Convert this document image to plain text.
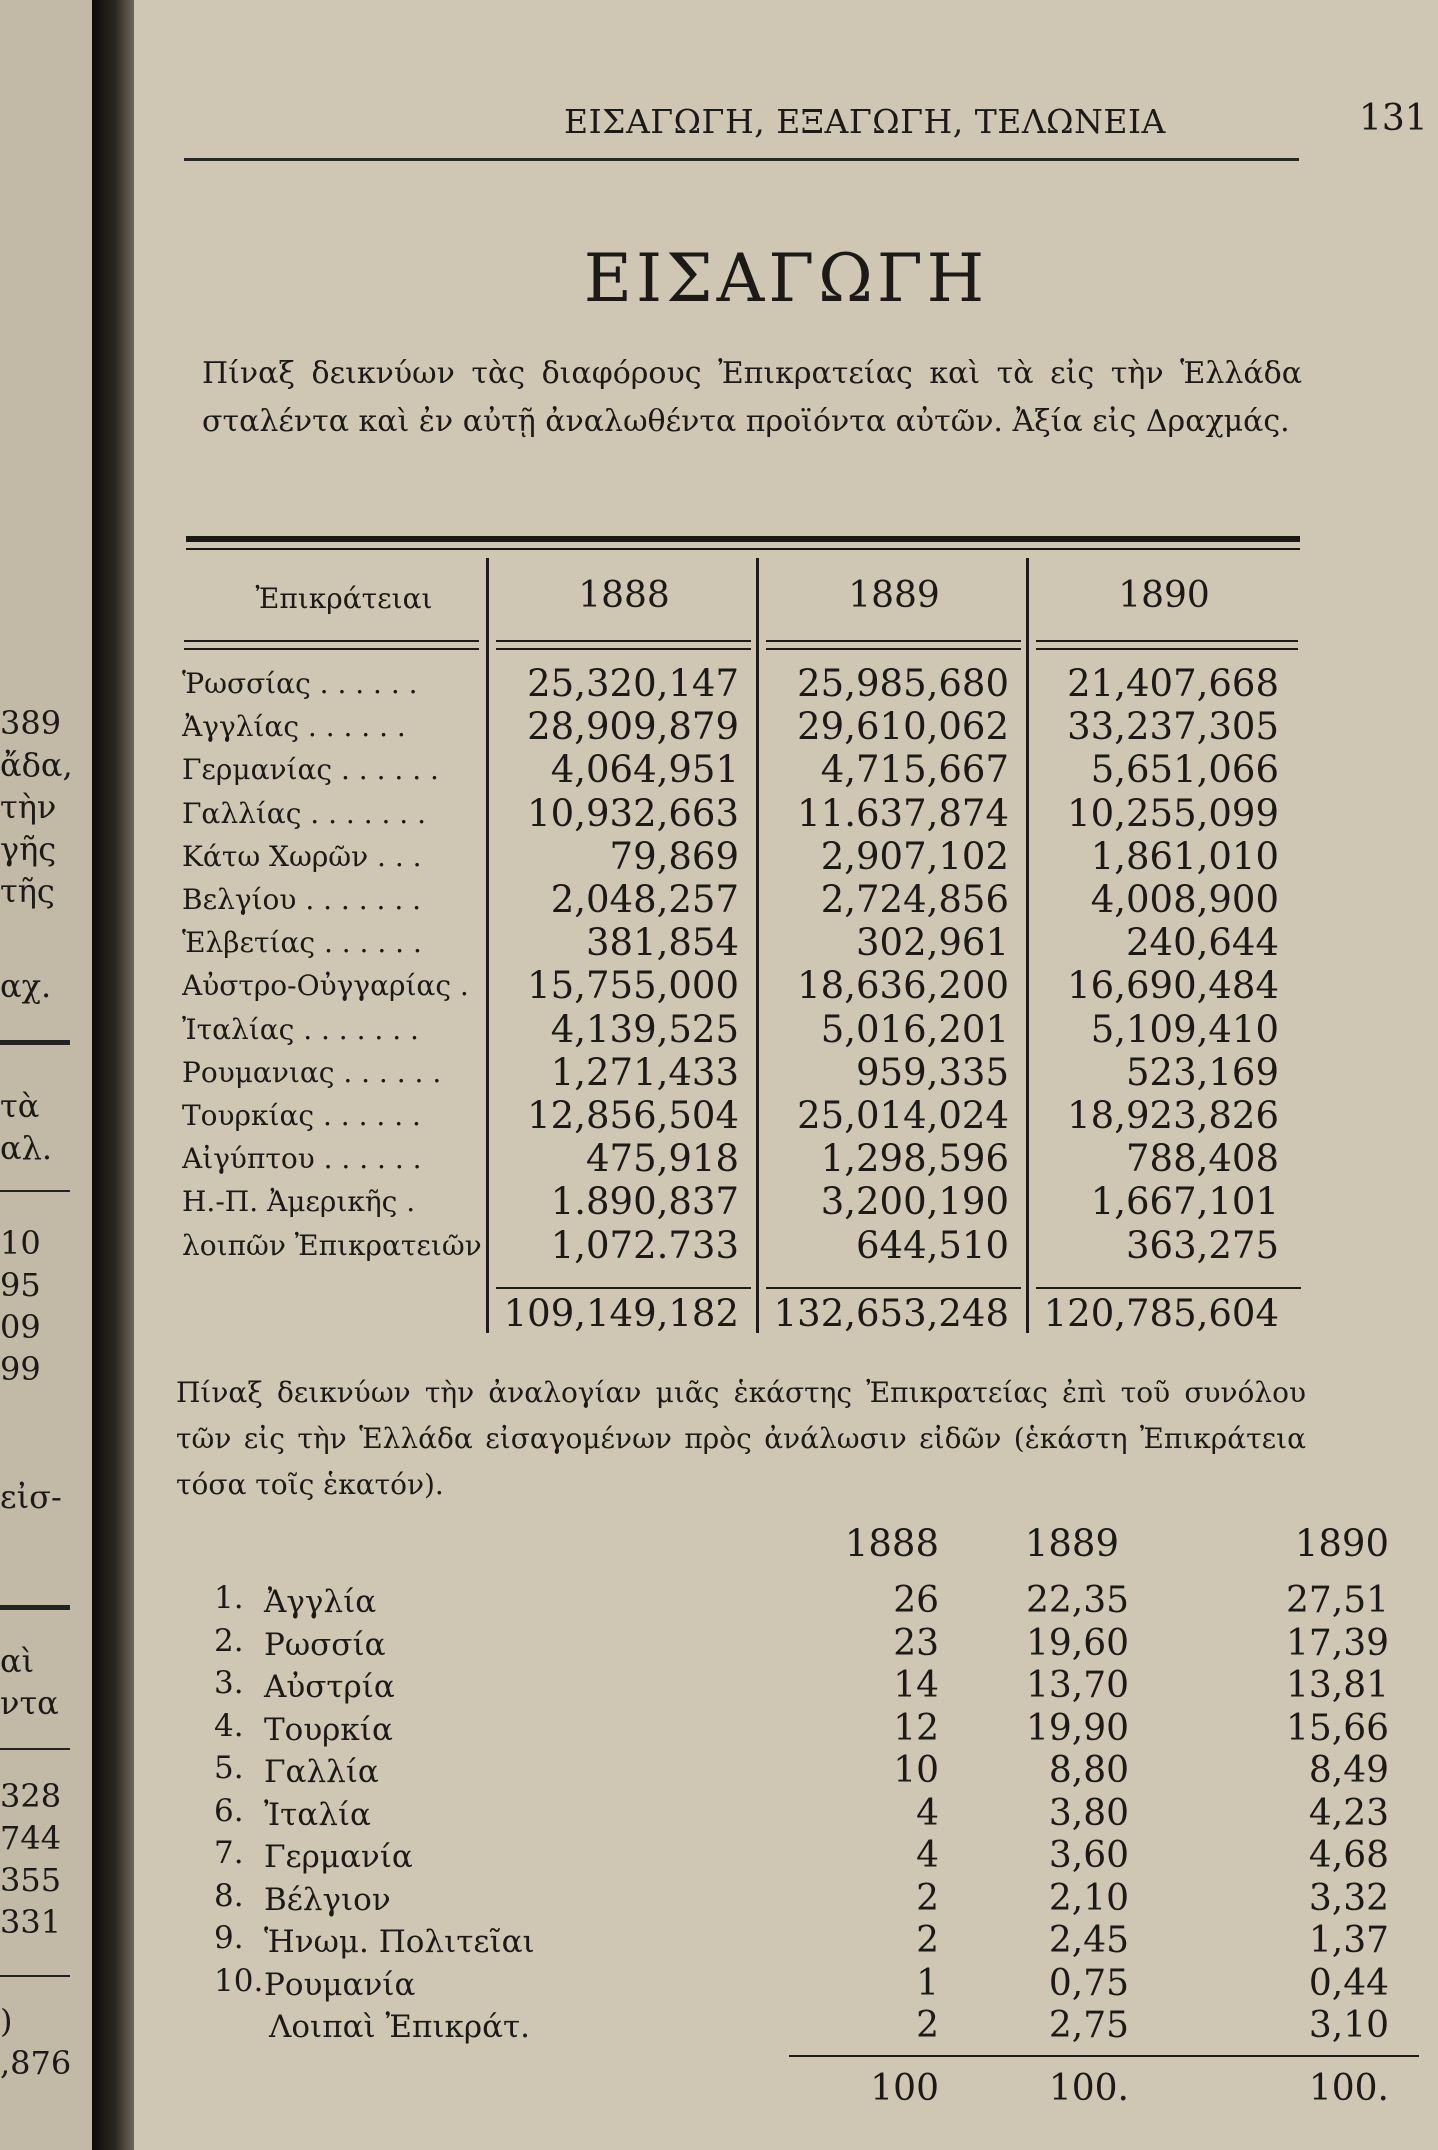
389
ἄδα,
τὴν
γῆς
τῆς
αχ.
τὰ
αλ.
10
95
09
99
εἰσ-
αὶ
ντα
328
744
355
331
)
,876
ΕΙΣΑΓΩΓΗ, ΕΞΑΓΩΓΗ, ΤΕΛΩΝΕΙΑ	131
ΕΙΣΑΓΩΓΗ
Πίναξ δεικνύων τὰς διαφόρους Ἐπικρατείας καὶ τὰ εἰς τὴν Ἑλλάδα σταλέντα καὶ ἐν αὐτῇ ἀναλωθέντα προϊόντα αὐτῶν. Ἀξία εἰς Δραχμάς.
Ἐπικράτειαι	1888	1889	1890
Ῥωσσίας . . . . . .	25,320,147	25,985,680	21,407,668
Ἀγγλίας . . . . . .	28,909,879	29,610,062	33,237,305
Γερμανίας . . . . . .	4,064,951	4,715,667	5,651,066
Γαλλίας . . . . . . .	10,932,663	11.637,874	10,255,099
Κάτω Χωρῶν . . .	79,869	2,907,102	1,861,010
Βελγίου . . . . . . .	2,048,257	2,724,856	4,008,900
Ἑλβετίας . . . . . .	381,854	302,961	240,644
Αὐστρο-Οὐγγαρίας .	15,755,000	18,636,200	16,690,484
Ἰταλίας . . . . . . .	4,139,525	5,016,201	5,109,410
Ρουμανιας . . . . . .	1,271,433	959,335	523,169
Τουρκίας . . . . . .	12,856,504	25,014,024	18,923,826
Αἰγύπτου . . . . . .	475,918	1,298,596	788,408
Η.-Π. Ἀμερικῆς .	1.890,837	3,200,190	1,667,101
λοιπῶν Ἐπικρατειῶν	1,072.733	644,510	363,275
109,149,182 132,653,248 120,785,604
Πίναξ δεικνύων τὴν ἀναλογίαν μιᾶς ἑκάστης Ἐπικρατείας ἐπὶ τοῦ συνόλου τῶν εἰς τὴν Ἑλλάδα εἰσαγομένων πρὸς ἀνάλωσιν εἰδῶν (ἑκάστη Ἐπικράτεια τόσα τοῖς ἑκατόν).
1888	1889	1890
1. Ἀγγλία	26	22,35	27,51
2. Ρωσσία	23	19,60	17,39
3. Αὐστρία	14	13,70	13,81
4. Τουρκία	12	19,90	15,66
5. Γαλλία	10	8,80	8,49
6. Ἰταλία	4	3,80	4,23
7. Γερμανία	4	3,60	4,68
8. Βέλγιον	2	2,10	3,32
9. Ἡνωμ. Πολιτεῖαι	2	2,45	1,37
10. Ρουμανία	1	0,75	0,44
Λοιπαὶ Ἐπικράτ.	2	2,75	3,10
100	100.	100.
